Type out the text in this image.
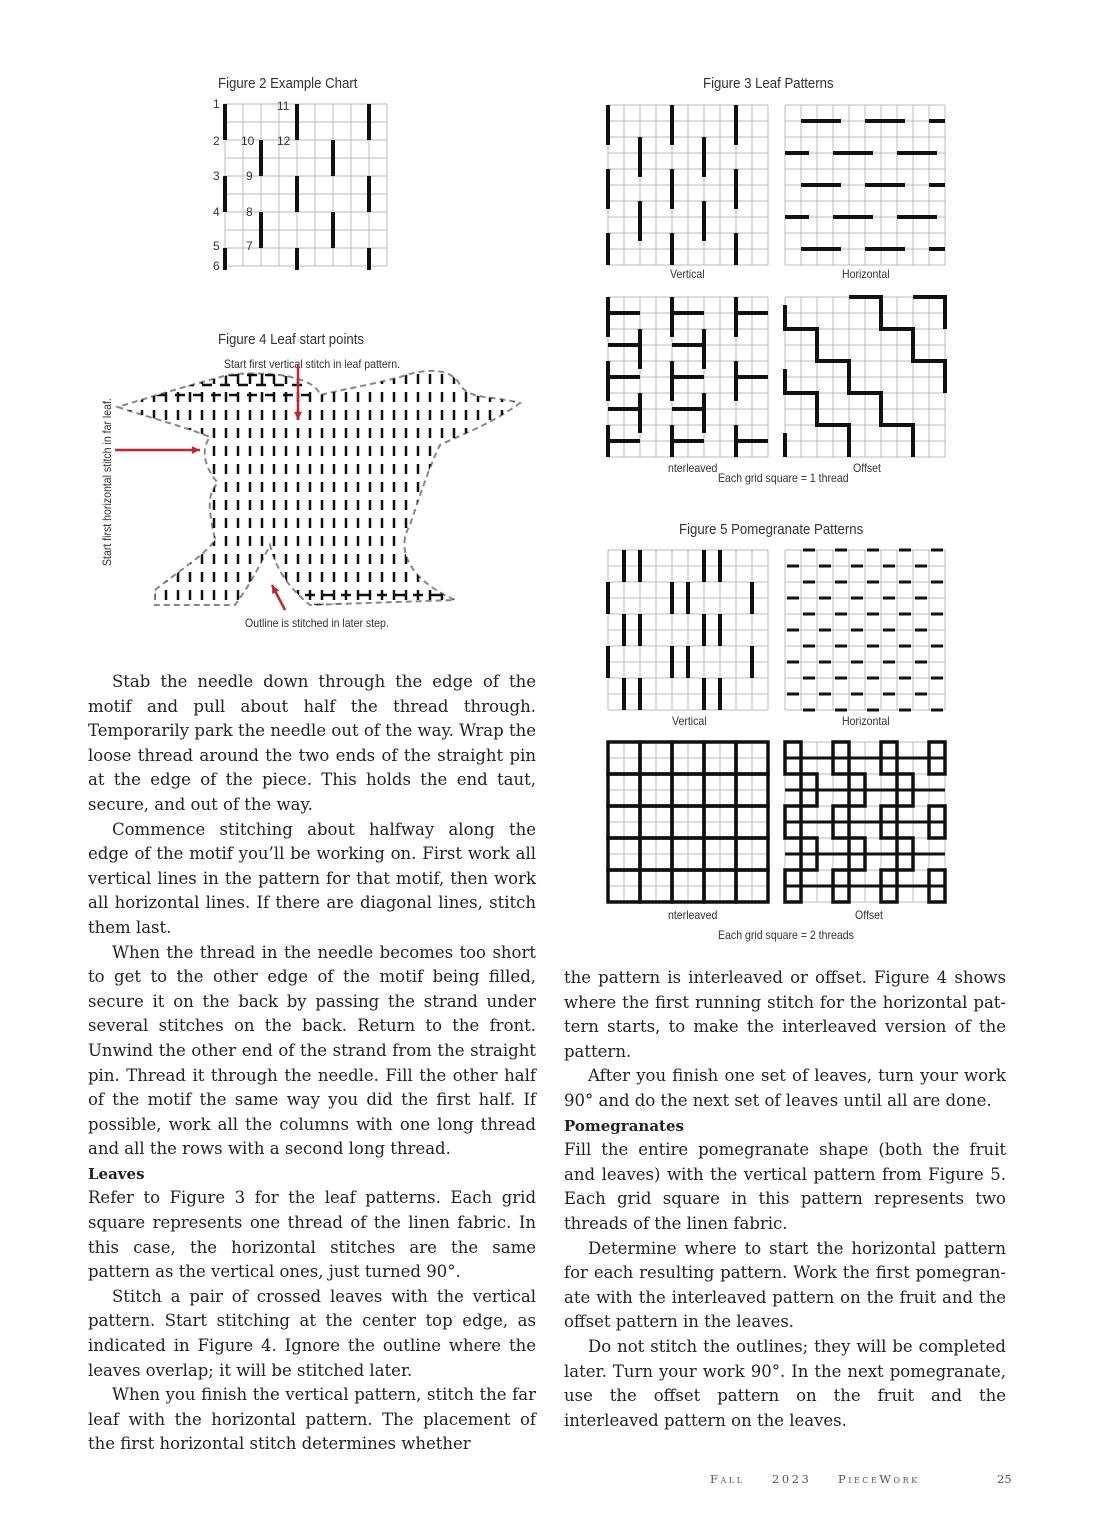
Figure 2 Example Chart
1
2
3
4
5
6
7
8
9
10
11
12
Figure 4 Leaf start points
Start first vertical stitch in leaf pattern.
Start first horizontal stitch in far leaf.
Outline is stitched in later step.
Figure 3 Leaf Patterns
Vertical	Horizontal
nterleaved	Offset
Each grid square = 1 thread
Figure 5 Pomegranate Patterns
Vertical	Horizontal
nterleaved	Offset
Each grid square = 2 threads

Stab the needle down through the edge of the motif and pull about half the thread through. Temporarily park the needle out of the way. Wrap the loose thread around the two ends of the straight pin at the edge of the piece. This holds the end taut, secure, and out of the way.

Commence stitching about halfway along the edge of the motif you’ll be working on. First work all vertical lines in the pattern for that motif, then work all horizontal lines. If there are diagonal lines, stitch them last.

When the thread in the needle becomes too short to get to the other edge of the motif being filled, secure it on the back by passing the strand under several stitches on the back. Return to the front. Unwind the other end of the strand from the straight pin. Thread it through the needle. Fill the other half of the motif the same way you did the first half. If possible, work all the columns with one long thread and all the rows with a second long thread.

Leaves

Refer to Figure 3 for the leaf patterns. Each grid square represents one thread of the linen fabric. In this case, the horizontal stitches are the same pattern as the vertical ones, just turned 90°.

Stitch a pair of crossed leaves with the vertical pattern. Start stitching at the center top edge, as indicated in Figure 4. Ignore the outline where the leaves overlap; it will be stitched later.

When you finish the vertical pattern, stitch the far leaf with the horizontal pattern. The placement of the first horizontal stitch determines whether

the pattern is interleaved or offset. Figure 4 shows where the first running stitch for the horizontal pattern starts, to make the interleaved version of the pattern.

After you finish one set of leaves, turn your work 90° and do the next set of leaves until all are done.

Pomegranates

Fill the entire pomegranate shape (both the fruit and leaves) with the vertical pattern from Figure 5. Each grid square in this pattern represents two threads of the linen fabric.

Determine where to start the horizontal pattern for each resulting pattern. Work the first pomegranate with the interleaved pattern on the fruit and the offset pattern in the leaves.

Do not stitch the outlines; they will be completed later. Turn your work 90°. In the next pomegranate, use the offset pattern on the fruit and the interleaved pattern on the leaves.

Fall 2023 PieceWork	25
